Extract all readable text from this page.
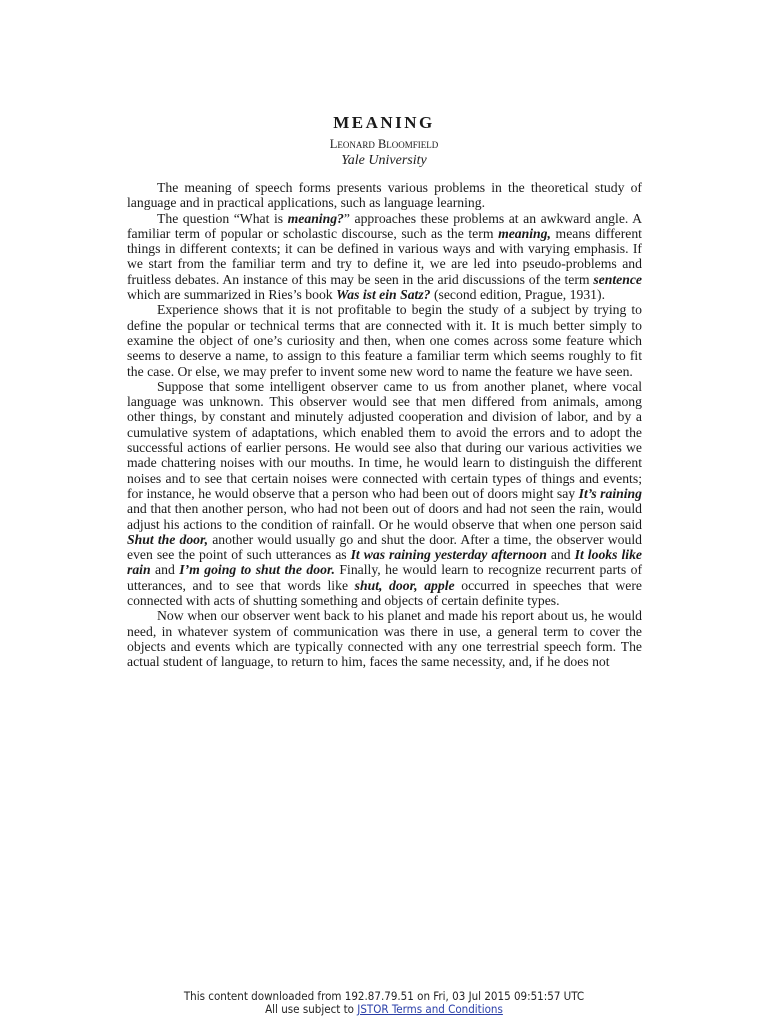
MEANING
Leonard Bloomfield
Yale University

The meaning of speech forms presents various problems in the theoretical study of language and in practical applications, such as language learning.

The question “What is meaning?” approaches these problems at an awkward angle. A familiar term of popular or scholastic discourse, such as the term meaning, means different things in different contexts; it can be defined in various ways and with varying emphasis. If we start from the familiar term and try to define it, we are led into pseudo-problems and fruitless debates. An instance of this may be seen in the arid discussions of the term sentence which are summarized in Ries’s book Was ist ein Satz? (second edition, Prague, 1931).

Experience shows that it is not profitable to begin the study of a subject by trying to define the popular or technical terms that are connected with it. It is much better simply to examine the object of one’s curiosity and then, when one comes across some feature which seems to deserve a name, to assign to this feature a familiar term which seems roughly to fit the case. Or else, we may prefer to invent some new word to name the feature we have seen.

Suppose that some intelligent observer came to us from another planet, where vocal language was unknown. This observer would see that men differed from animals, among other things, by constant and minutely adjusted cooperation and division of labor, and by a cumulative system of adaptations, which enabled them to avoid the errors and to adopt the successful actions of earlier persons. He would see also that during our various activities we made chattering noises with our mouths. In time, he would learn to distinguish the different noises and to see that certain noises were connected with certain types of things and events; for instance, he would observe that a person who had been out of doors might say It’s raining and that then another person, who had not been out of doors and had not seen the rain, would adjust his actions to the condition of rainfall. Or he would observe that when one person said Shut the door, another would usually go and shut the door. After a time, the observer would even see the point of such utterances as It was raining yesterday afternoon and It looks like rain and I’m going to shut the door. Finally, he would learn to recognize recurrent parts of utterances, and to see that words like shut, door, apple occurred in speeches that were connected with acts of shutting something and objects of certain definite types.

Now when our observer went back to his planet and made his report about us, he would need, in whatever system of communication was there in use, a general term to cover the objects and events which are typically connected with any one terrestrial speech form. The actual student of language, to return to him, faces the same necessity, and, if he does not

This content downloaded from 192.87.79.51 on Fri, 03 Jul 2015 09:51:57 UTC
All use subject to JSTOR Terms and Conditions
